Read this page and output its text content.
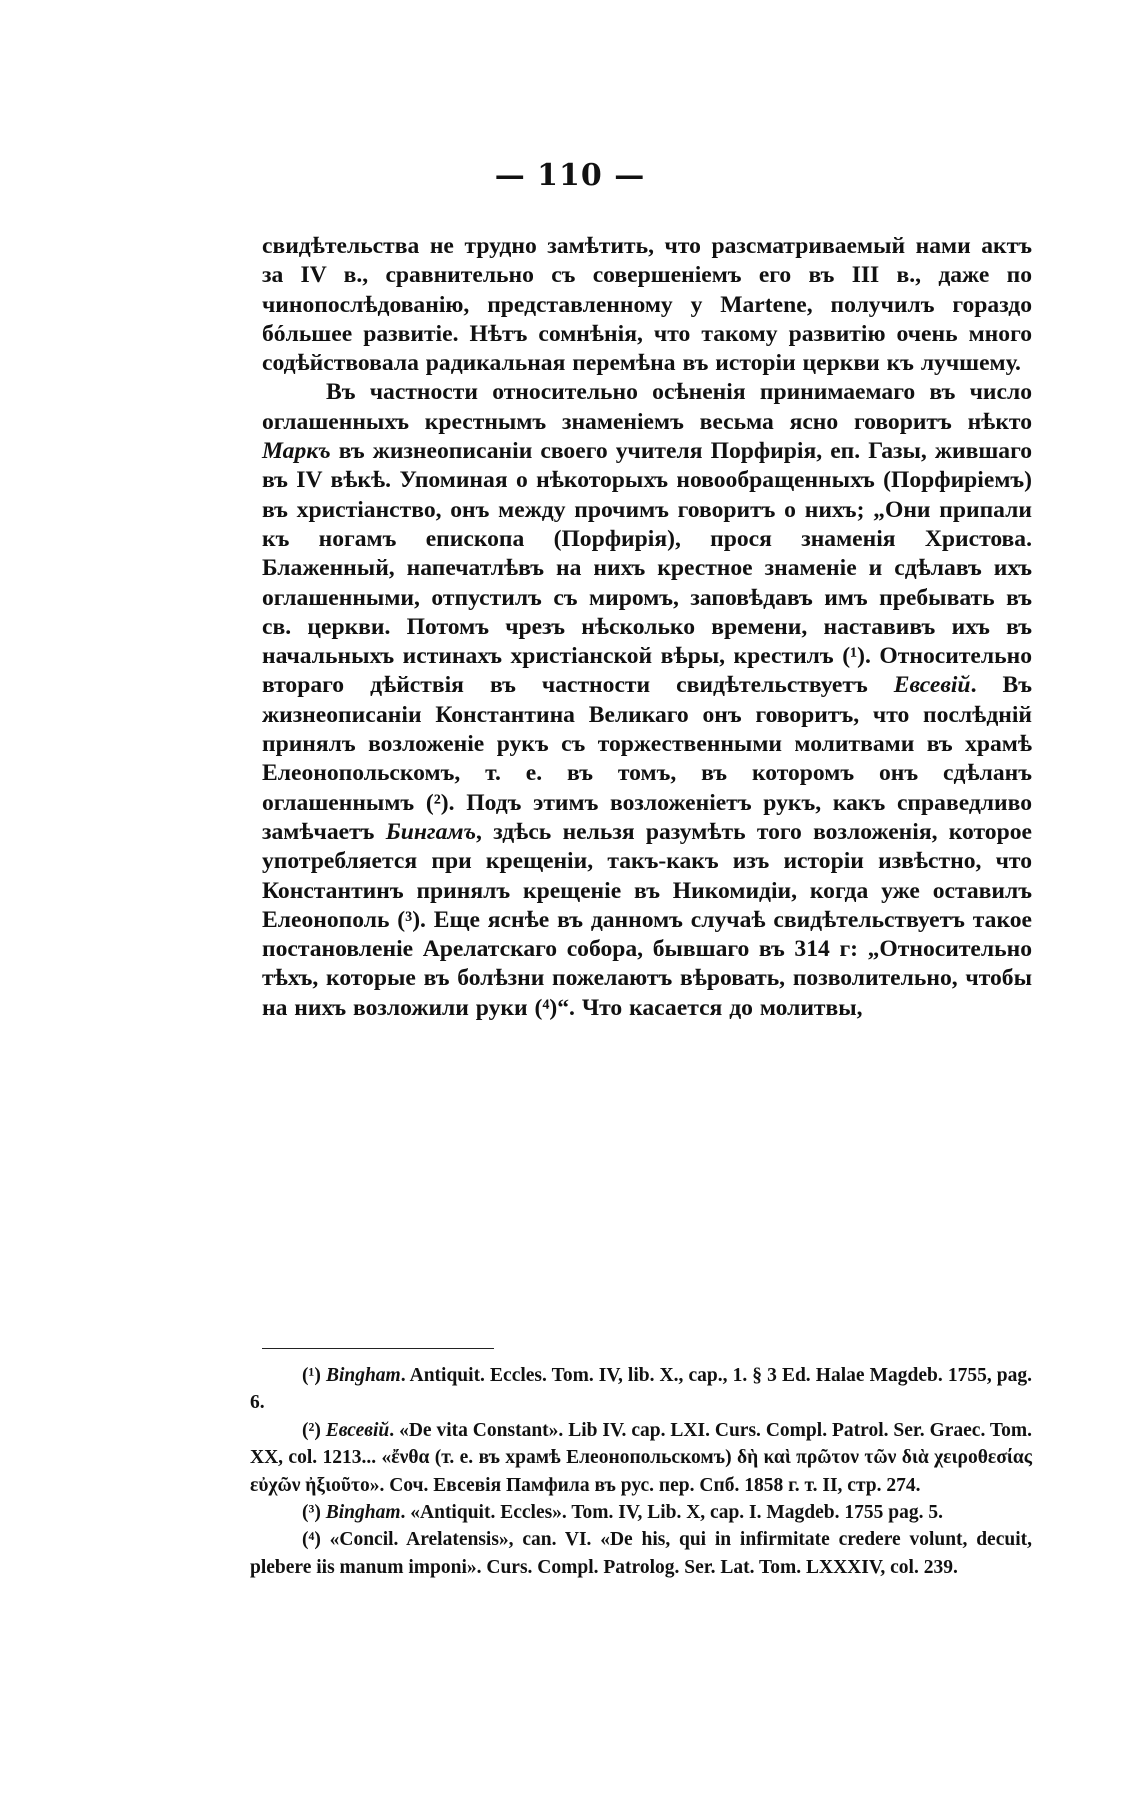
— 110 —

свидѣтельства не трудно замѣтить, что разсматриваемый нами актъ за IV в., сравнительно съ совершеніемъ его въ III в., даже по чинопослѣдованію, представленному у Martene, получилъ гораздо бóльшее развитіе. Нѣтъ сомнѣнія, что такому развитію очень много содѣйствовала радикальная перемѣна въ исторіи церкви къ лучшему.

Въ частности относительно осѣненія принимаемаго въ число оглашенныхъ крестнымъ знаменіемъ весьма ясно говоритъ нѣкто Маркъ въ жизнеописаніи своего учителя Порфирія, еп. Газы, жившаго въ IV вѣкѣ. Упоминая о нѣкоторыхъ новообращенныхъ (Порфиріемъ) въ христіанство, онъ между прочимъ говоритъ о нихъ; „Они припали къ ногамъ епископа (Порфирія), прося знаменія Христова. Блаженный, напечатлѣвъ на нихъ крестное знаменіе и сдѣлавъ ихъ оглашенными, отпустилъ съ миромъ, заповѣдавъ имъ пребывать въ св. церкви. Потомъ чрезъ нѣсколько времени, наставивъ ихъ въ начальныхъ истинахъ христіанской вѣры, крестилъ (¹). Относительно втораго дѣйствія въ частности свидѣтельствуетъ Евсевій. Въ жизнеописаніи Константина Великаго онъ говоритъ, что послѣдній принялъ возложеніе рукъ съ торжественными молитвами въ храмѣ Елеонопольскомъ, т. е. въ томъ, въ которомъ онъ сдѣланъ оглашеннымъ (²). Подъ этимъ возложеніетъ рукъ, какъ справедливо замѣчаетъ Бингамъ, здѣсь нельзя разумѣть того возложенія, которое употребляется при крещеніи, такъ-какъ изъ исторіи извѣстно, что Константинъ принялъ крещеніе въ Никомидіи, когда уже оставилъ Елеонополь (³). Еще яснѣе въ данномъ случаѣ свидѣтельствуетъ такое постановленіе Арелатскаго собора, бывшаго въ 314 г: „Относительно тѣхъ, которые въ болѣзни пожелаютъ вѣровать, позволительно, чтобы на нихъ возложили руки (⁴)“. Что касается до молитвы,

(¹) Bingham. Antiquit. Eccles. Tom. IV, lib. X., cap., 1. § 3 Ed. Halae Magdeb. 1755, pag. 6.

(²) Евсевій. «De vita Constant». Lib IV. cap. LXI. Curs. Compl. Patrol. Ser. Graec. Tom. XX, col. 1213... «ἔνθα (т. е. въ храмѣ Елеонопольскомъ) δὴ καὶ πρῶτον τῶν διὰ χειροθεσίας εὐχῶν ἠξιοῦτο». Соч. Евсевія Памфила въ рус. пер. Спб. 1858 г. т. II, стр. 274.

(³) Bingham. «Antiquit. Eccles». Tom. IV, Lib. X, cap. I. Magdeb. 1755 pag. 5.

(⁴) «Concil. Arelatensis», can. VI. «De his, qui in infirmitate credere volunt, decuit, plebere iis manum imponi». Curs. Compl. Patrolog. Ser. Lat. Tom. LXXXIV, col. 239.
